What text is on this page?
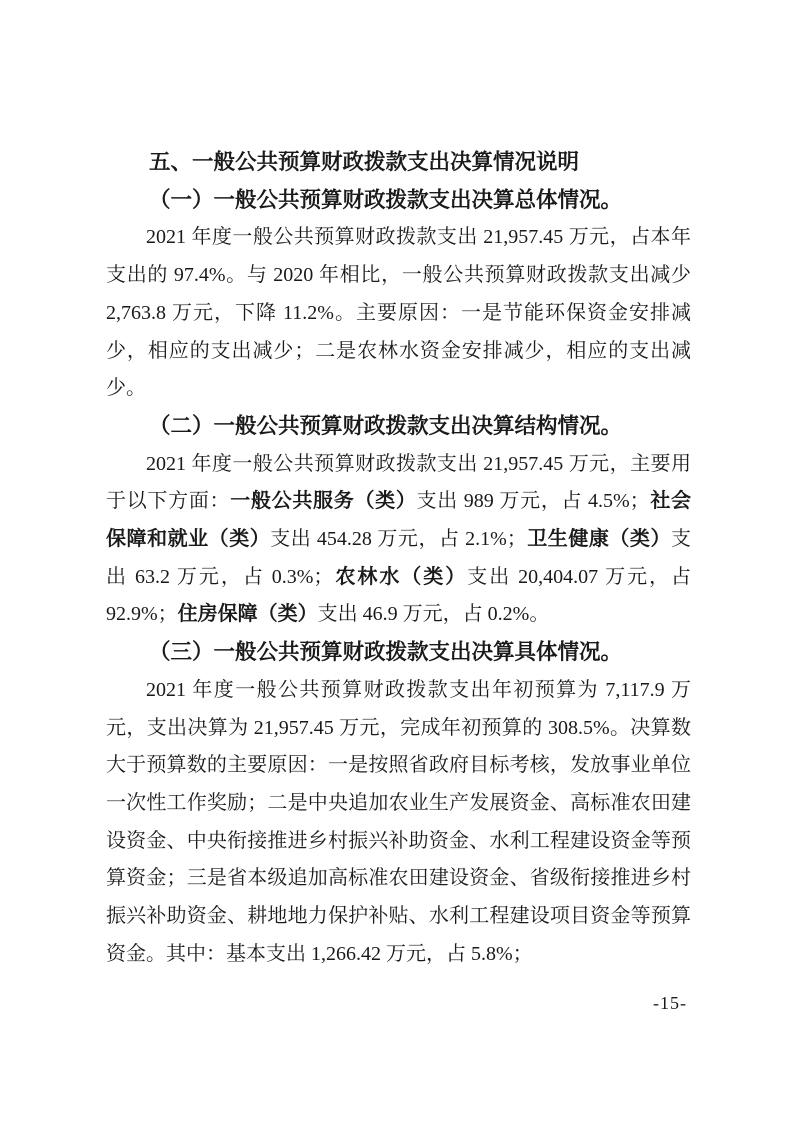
五、一般公共预算财政拨款支出决算情况说明
（一）一般公共预算财政拨款支出决算总体情况。

2021 年度一般公共预算财政拨款支出 21,957.45 万元，占本年支出的 97.4%。与 2020 年相比，一般公共预算财政拨款支出减少 2,763.8 万元，下降 11.2%。主要原因：一是节能环保资金安排减少，相应的支出减少；二是农林水资金安排减少，相应的支出减少。

（二）一般公共预算财政拨款支出决算结构情况。

2021 年度一般公共预算财政拨款支出 21,957.45 万元，主要用于以下方面：一般公共服务（类）支出 989 万元，占 4.5%；社会保障和就业（类）支出 454.28 万元，占 2.1%；卫生健康（类）支出 63.2 万元，占 0.3%；农林水（类）支出 20,404.07 万元，占 92.9%；住房保障（类）支出 46.9 万元，占 0.2%。

（三）一般公共预算财政拨款支出决算具体情况。

2021 年度一般公共预算财政拨款支出年初预算为 7,117.9 万元，支出决算为 21,957.45 万元，完成年初预算的 308.5%。决算数大于预算数的主要原因：一是按照省政府目标考核，发放事业单位一次性工作奖励；二是中央追加农业生产发展资金、高标准农田建设资金、中央衔接推进乡村振兴补助资金、水利工程建设资金等预算资金；三是省本级追加高标准农田建设资金、省级衔接推进乡村振兴补助资金、耕地地力保护补贴、水利工程建设项目资金等预算资金。其中：基本支出 1,266.42 万元，占 5.8%；

-15-
